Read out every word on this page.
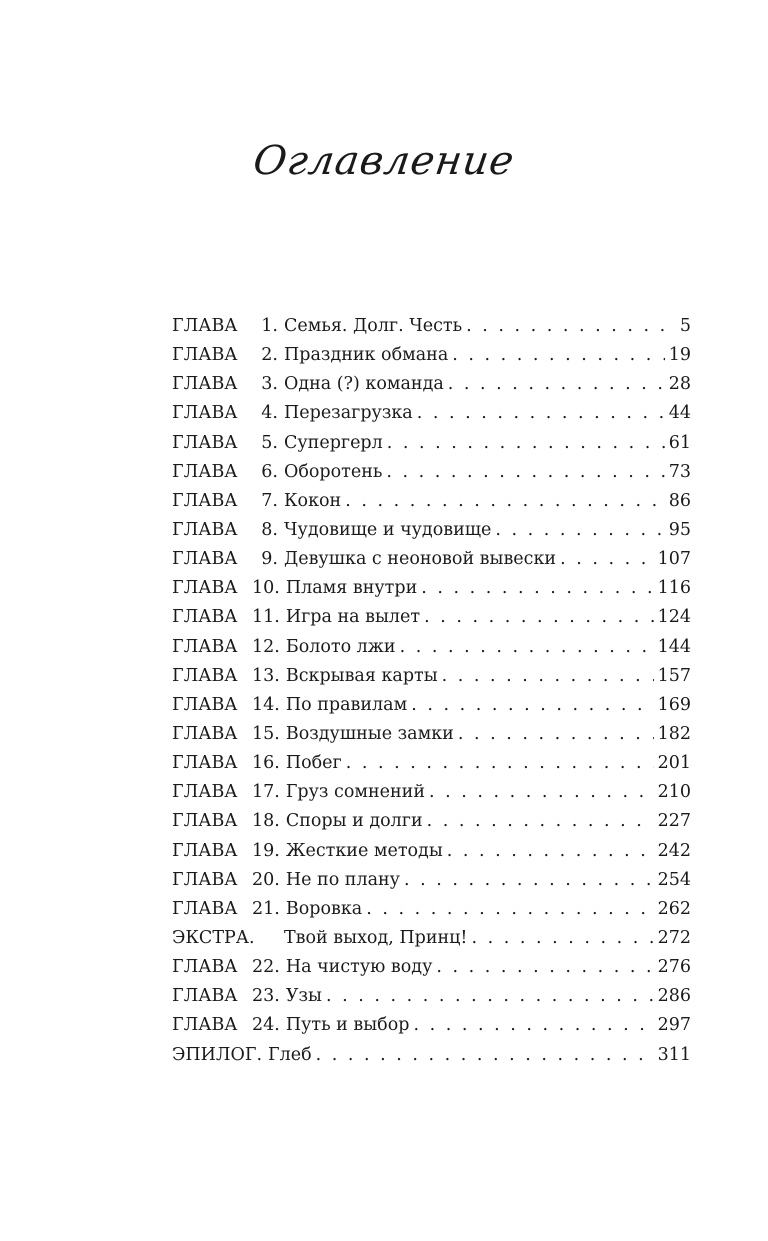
Оглавление
ГЛАВА 1. Семья. Долг. Честь . . .	5
ГЛАВА 2. Праздник обмана . . .	19
ГЛАВА 3. Одна (?) команда . . .	28
ГЛАВА 4. Перезагрузка . . .	44
ГЛАВА 5. Супергерл . . .	61
ГЛАВА 6. Оборотень . . .	73
ГЛАВА 7. Кокон . . .	86
ГЛАВА 8. Чудовище и чудовище . . .	95
ГЛАВА 9. Девушка с неоновой вывески . . .	107
ГЛАВА 10. Пламя внутри . . .	116
ГЛАВА 11. Игра на вылет . . .	124
ГЛАВА 12. Болото лжи . . .	144
ГЛАВА 13. Вскрывая карты . . .	157
ГЛАВА 14. По правилам . . .	169
ГЛАВА 15. Воздушные замки . . .	182
ГЛАВА 16. Побег . . .	201
ГЛАВА 17. Груз сомнений . . .	210
ГЛАВА 18. Споры и долги . . .	227
ГЛАВА 19. Жесткие методы . . .	242
ГЛАВА 20. Не по плану . . .	254
ГЛАВА 21. Воровка . . .	262
ЭКСТРА. Твой выход, Принц! . . .	272
ГЛАВА 22. На чистую воду . . .	276
ГЛАВА 23. Узы . . .	286
ГЛАВА 24. Путь и выбор . . .	297
ЭПИЛОГ. Глеб . . .	311
